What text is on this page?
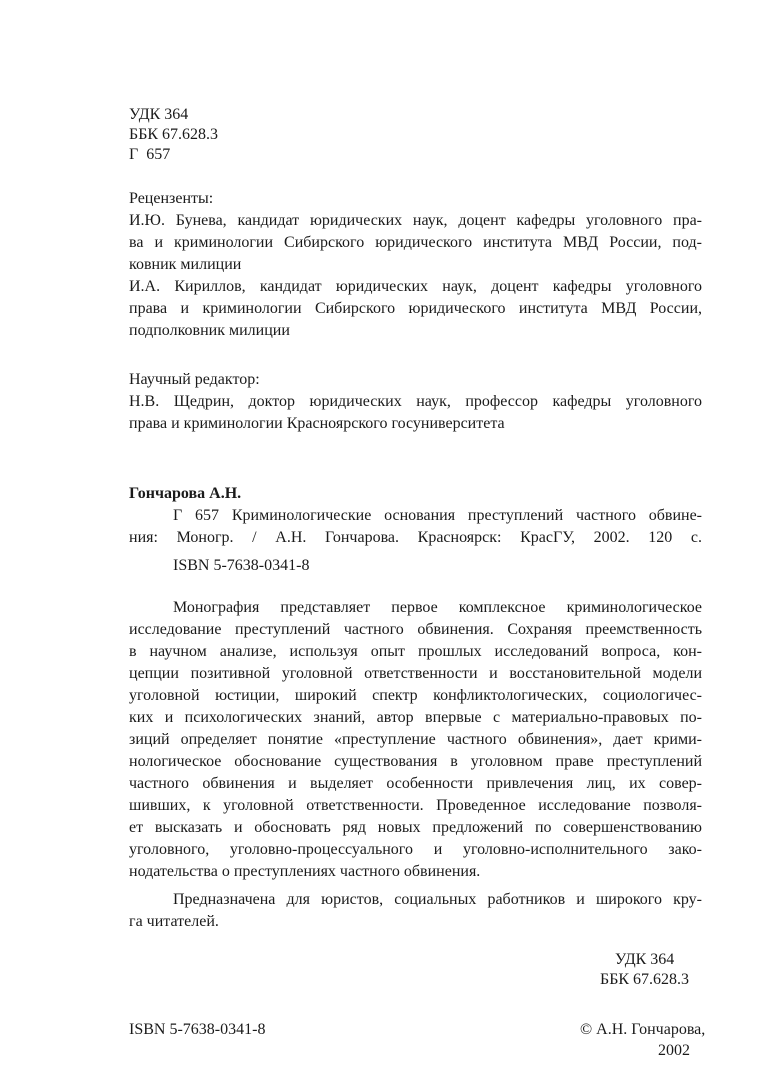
УДК 364
ББК 67.628.3
Г  657
Рецензенты:
И.Ю. Бунева, кандидат юридических наук, доцент кафедры уголовного пра-
ва и криминологии Сибирского юридического института МВД России, под-
ковник милиции
И.А. Кириллов, кандидат юридических наук, доцент кафедры уголовного
права и криминологии Сибирского юридического института МВД России,
подполковник милиции
Научный редактор:
Н.В. Щедрин, доктор юридических наук, профессор кафедры уголовного
права и криминологии Красноярского госуниверситета
Гончарова А.Н.
Г 657 Криминологические основания преступлений частного обвине-
ния: Моногр. / А.Н. Гончарова. Красноярск: КрасГУ, 2002. 120 с.
ISBN 5-7638-0341-8
Монография представляет первое комплексное криминологическое
исследование преступлений частного обвинения. Сохраняя преемственность
в научном анализе, используя опыт прошлых исследований вопроса, кон-
цепции позитивной уголовной ответственности и восстановительной модели
уголовной юстиции, широкий спектр конфликтологических, социологичес-
ких и психологических знаний, автор впервые с материально-правовых по-
зиций определяет понятие «преступление частного обвинения», дает крими-
нологическое обоснование существования в уголовном праве преступлений
частного обвинения и выделяет особенности привлечения лиц, их совер-
шивших, к уголовной ответственности. Проведенное исследование позволя-
ет высказать и обосновать ряд новых предложений по совершенствованию
уголовного, уголовно-процессуального и уголовно-исполнительного зако-
нодательства о преступлениях частного обвинения.
Предназначена для юристов, социальных работников и широкого кру-
га читателей.
УДК 364
ББК 67.628.3
ISBN 5-7638-0341-8	© А.Н. Гончарова,
2002
